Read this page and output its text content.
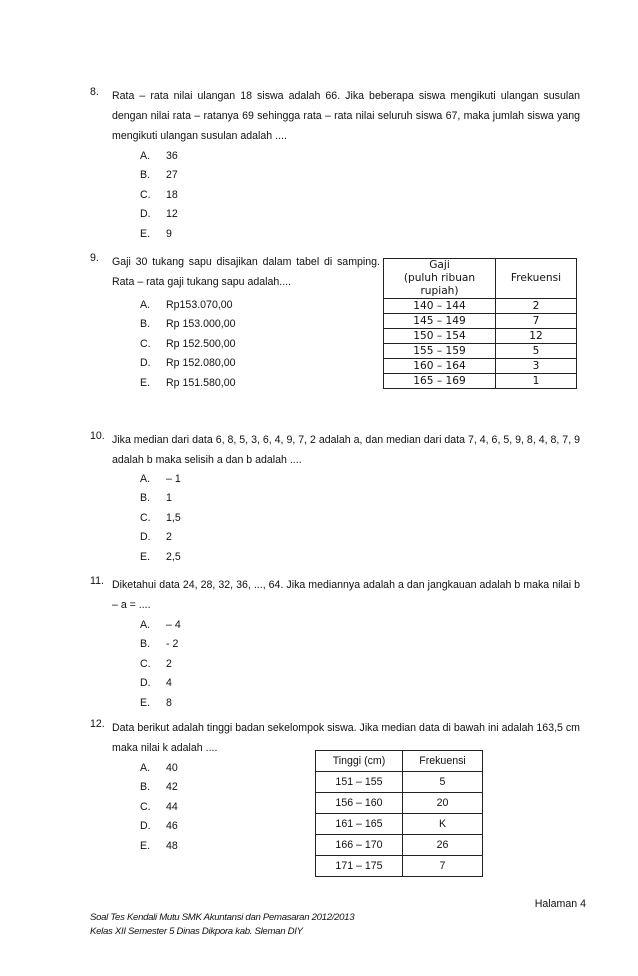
8. Rata – rata nilai ulangan 18 siswa adalah 66. Jika beberapa siswa mengikuti ulangan susulan dengan nilai rata – ratanya 69 sehingga rata – rata nilai seluruh siswa 67, maka jumlah siswa yang mengikuti ulangan susulan adalah ....
A. 36
B. 27
C. 18
D. 12
E. 9
9. Gaji 30 tukang sapu disajikan dalam tabel di samping. Rata – rata gaji tukang sapu adalah....
A. Rp153.070,00
B. Rp 153.000,00
C. Rp 152.500,00
D. Rp 152.080,00
E. Rp 151.580,00
Gaji
(puluh ribuan rupiah)	Frekuensi
140 – 144	2
145 – 149	7
150 – 154	12
155 – 159	5
160 – 164	3
165 – 169	1
10. Jika median dari data 6, 8, 5, 3, 6, 4, 9, 7, 2 adalah a, dan median dari data 7, 4, 6, 5, 9, 8, 4, 8, 7, 9 adalah b maka selisih a dan b adalah ....
A. – 1
B. 1
C. 1,5
D. 2
E. 2,5
11. Diketahui data 24, 28, 32, 36, ..., 64. Jika mediannya adalah a dan jangkauan adalah b maka nilai b – a = ....
A. – 4
B. - 2
C. 2
D. 4
E. 8
12. Data berikut adalah tinggi badan sekelompok siswa. Jika median data di bawah ini adalah 163,5 cm maka nilai k adalah ....
A. 40
B. 42
C. 44
D. 46
E. 48
Tinggi (cm)	Frekuensi
151 – 155	5
156 – 160	20
161 – 165	K
166 – 170	26
171 – 175	7
Halaman 4
Soal Tes Kendali Mutu SMK Akuntansi dan Pemasaran 2012/2013
Kelas XII Semester 5 Dinas Dikpora kab. Sleman DIY
